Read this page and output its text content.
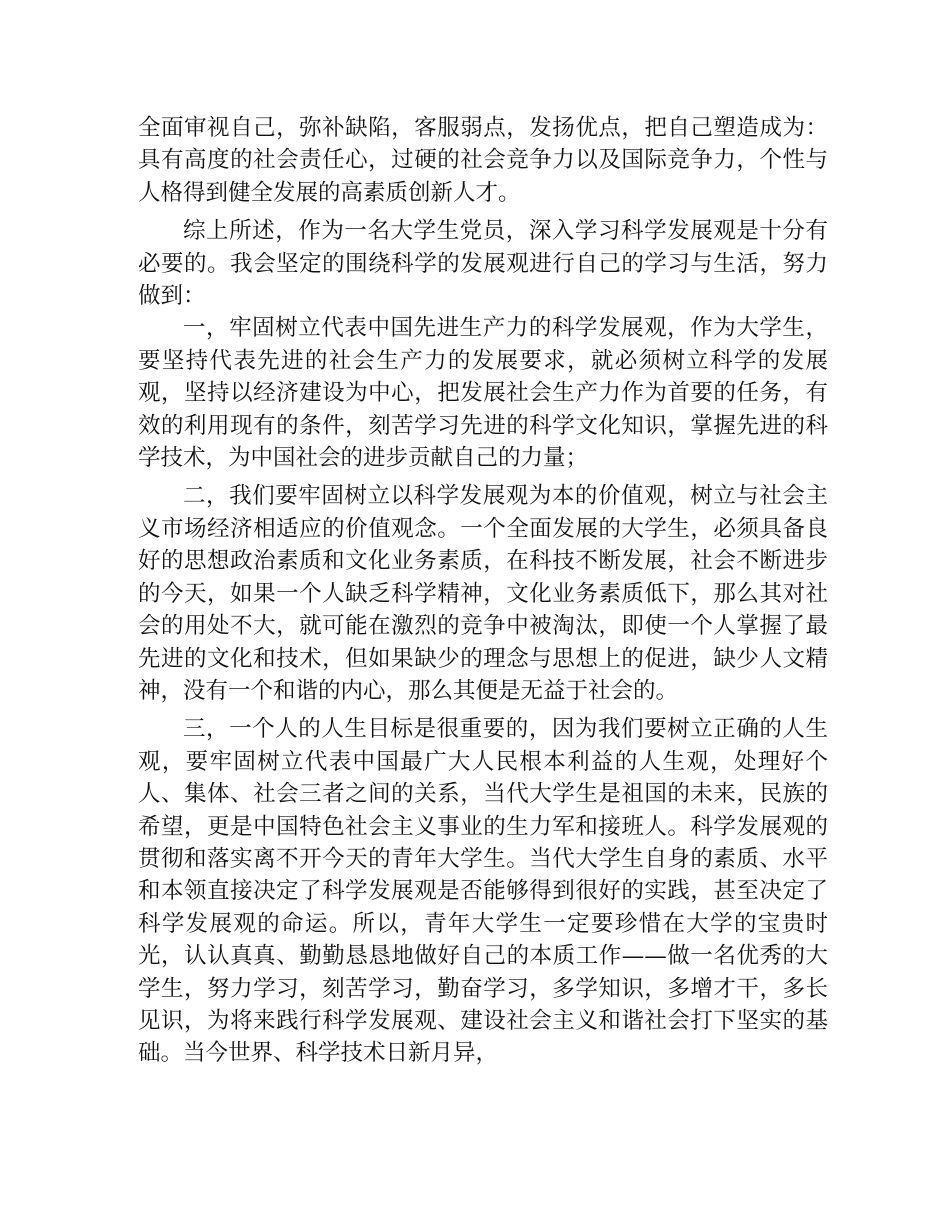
全面审视自己，弥补缺陷，客服弱点，发扬优点，把自己塑造成为：具有高度的社会责任心，过硬的社会竞争力以及国际竞争力，个性与人格得到健全发展的高素质创新人才。

综上所述，作为一名大学生党员，深入学习科学发展观是十分有必要的。我会坚定的围绕科学的发展观进行自己的学习与生活，努力做到：

一，牢固树立代表中国先进生产力的科学发展观，作为大学生，要坚持代表先进的社会生产力的发展要求，就必须树立科学的发展观，坚持以经济建设为中心，把发展社会生产力作为首要的任务，有效的利用现有的条件，刻苦学习先进的科学文化知识，掌握先进的科学技术，为中国社会的进步贡献自己的力量；

二，我们要牢固树立以科学发展观为本的价值观，树立与社会主义市场经济相适应的价值观念。一个全面发展的大学生，必须具备良好的思想政治素质和文化业务素质，在科技不断发展，社会不断进步的今天，如果一个人缺乏科学精神，文化业务素质低下，那么其对社会的用处不大，就可能在激烈的竞争中被淘汰，即使一个人掌握了最先进的文化和技术，但如果缺少的理念与思想上的促进，缺少人文精神，没有一个和谐的内心，那么其便是无益于社会的。

三，一个人的人生目标是很重要的，因为我们要树立正确的人生观，要牢固树立代表中国最广大人民根本利益的人生观，处理好个人、集体、社会三者之间的关系，当代大学生是祖国的未来，民族的希望，更是中国特色社会主义事业的生力军和接班人。科学发展观的贯彻和落实离不开今天的青年大学生。当代大学生自身的素质、水平和本领直接决定了科学发展观是否能够得到很好的实践，甚至决定了科学发展观的命运。所以，青年大学生一定要珍惜在大学的宝贵时光，认认真真、勤勤恳恳地做好自己的本质工作——做一名优秀的大学生，努力学习，刻苦学习，勤奋学习，多学知识，多增才干，多长见识，为将来践行科学发展观、建设社会主义和谐社会打下坚实的基础。当今世界、科学技术日新月异，
